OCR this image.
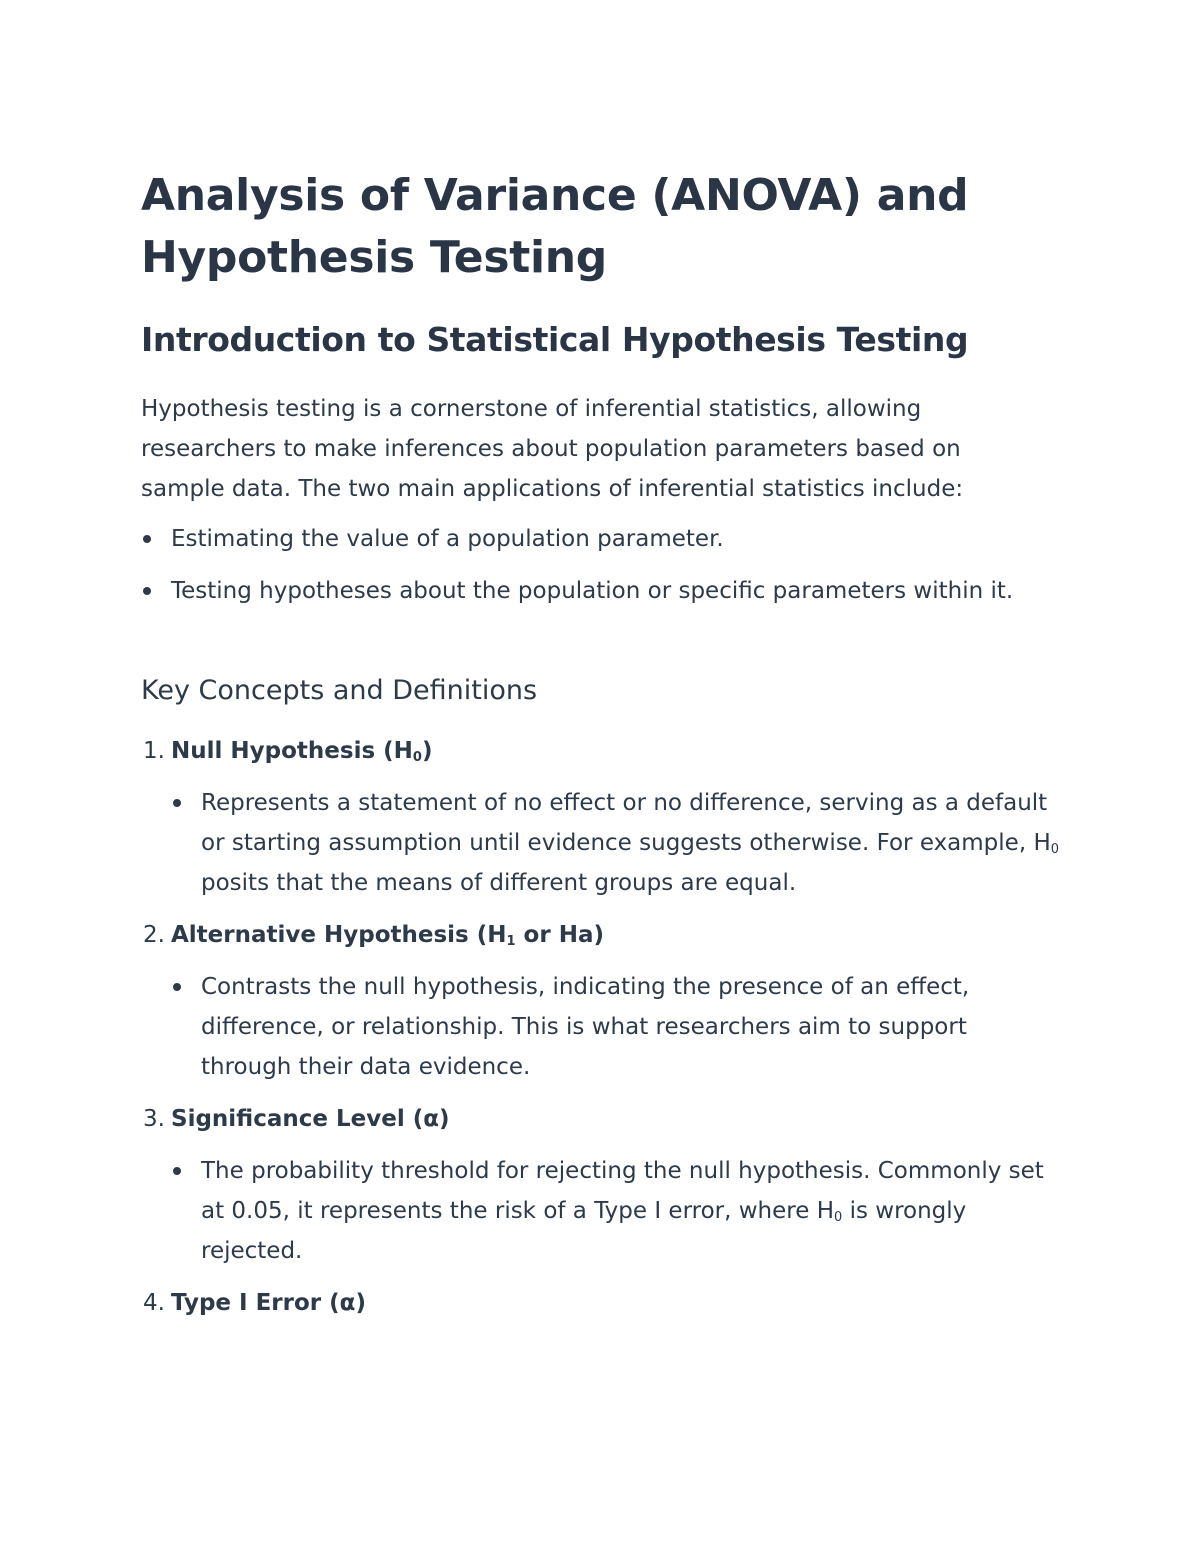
Analysis of Variance (ANOVA) and Hypothesis Testing
Introduction to Statistical Hypothesis Testing

Hypothesis testing is a cornerstone of inferential statistics, allowing researchers to make inferences about population parameters based on sample data. The two main applications of inferential statistics include:

Estimating the value of a population parameter.
Testing hypotheses about the population or specific parameters within it.
Key Concepts and Definitions
1. Null Hypothesis $(H_0)$
Represents a statement of no effect or no difference, serving as a default or starting assumption until evidence suggests otherwise. For example, $H_0$ posits that the means of different groups are equal.
2. Alternative Hypothesis ($H_1$ or Ha)
Contrasts the null hypothesis, indicating the presence of an effect, difference, or relationship. This is what researchers aim to support through their data evidence.
3. Significance Level (α)
The probability threshold for rejecting the null hypothesis. Commonly set at 0.05, it represents the risk of a Type I error, where $H_0$ is wrongly rejected.
4. Type I Error (α)
